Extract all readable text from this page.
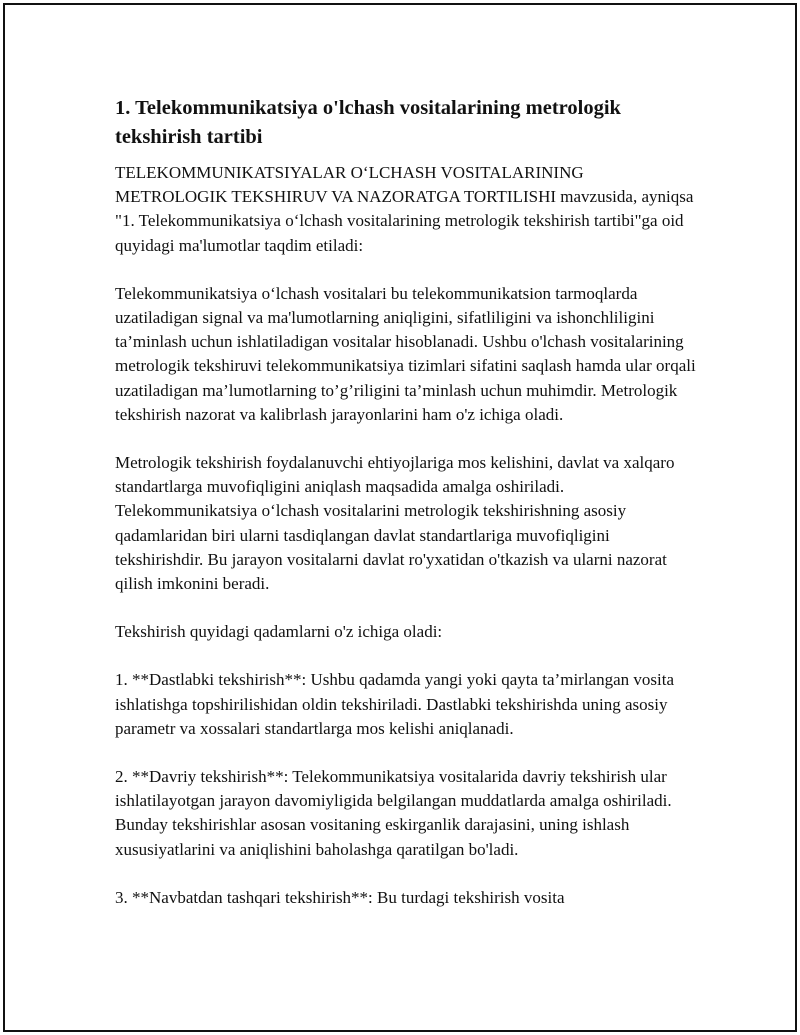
1. Telekommunikatsiya o'lchash vositalarining metrologik tekshirish tartibi
TELEKOMMUNIKATSIYALAR O‘LCHASH VOSITALARINING METROLOGIK TEKSHIRUV VA NAZORATGA TORTILISHI mavzusida, ayniqsa "1. Telekommunikatsiya o‘lchash vositalarining metrologik tekshirish tartibi"ga oid quyidagi ma'lumotlar taqdim etiladi:
Telekommunikatsiya o‘lchash vositalari bu telekommunikatsion tarmoqlarda uzatiladigan signal va ma'lumotlarning aniqligini, sifatliligini va ishonchliligini ta’minlash uchun ishlatiladigan vositalar hisoblanadi. Ushbu o'lchash vositalarining metrologik tekshiruvi telekommunikatsiya tizimlari sifatini saqlash hamda ular orqali uzatiladigan ma’lumotlarning to’g’riligini ta’minlash uchun muhimdir. Metrologik tekshirish nazorat va kalibrlash jarayonlarini ham o'z ichiga oladi.
Metrologik tekshirish foydalanuvchi ehtiyojlariga mos kelishini, davlat va xalqaro standartlarga muvofiqligini aniqlash maqsadida amalga oshiriladi. Telekommunikatsiya o‘lchash vositalarini metrologik tekshirishning asosiy qadamlaridan biri ularni tasdiqlangan davlat standartlariga muvofiqligini tekshirishdir. Bu jarayon vositalarni davlat ro'yxatidan o'tkazish va ularni nazorat qilish imkonini beradi.
Tekshirish quyidagi qadamlarni o'z ichiga oladi:
1. **Dastlabki tekshirish**: Ushbu qadamda yangi yoki qayta ta’mirlangan vosita ishlatishga topshirilishidan oldin tekshiriladi. Dastlabki tekshirishda uning asosiy parametr va xossalari standartlarga mos kelishi aniqlanadi.
2. **Davriy tekshirish**: Telekommunikatsiya vositalarida davriy tekshirish ular ishlatilayotgan jarayon davomiyligida belgilangan muddatlarda amalga oshiriladi. Bunday tekshirishlar asosan vositaning eskirganlik darajasini, uning ishlash xususiyatlarini va aniqlishini baholashga qaratilgan bo'ladi.
3. **Navbatdan tashqari tekshirish**: Bu turdagi tekshirish vosita
